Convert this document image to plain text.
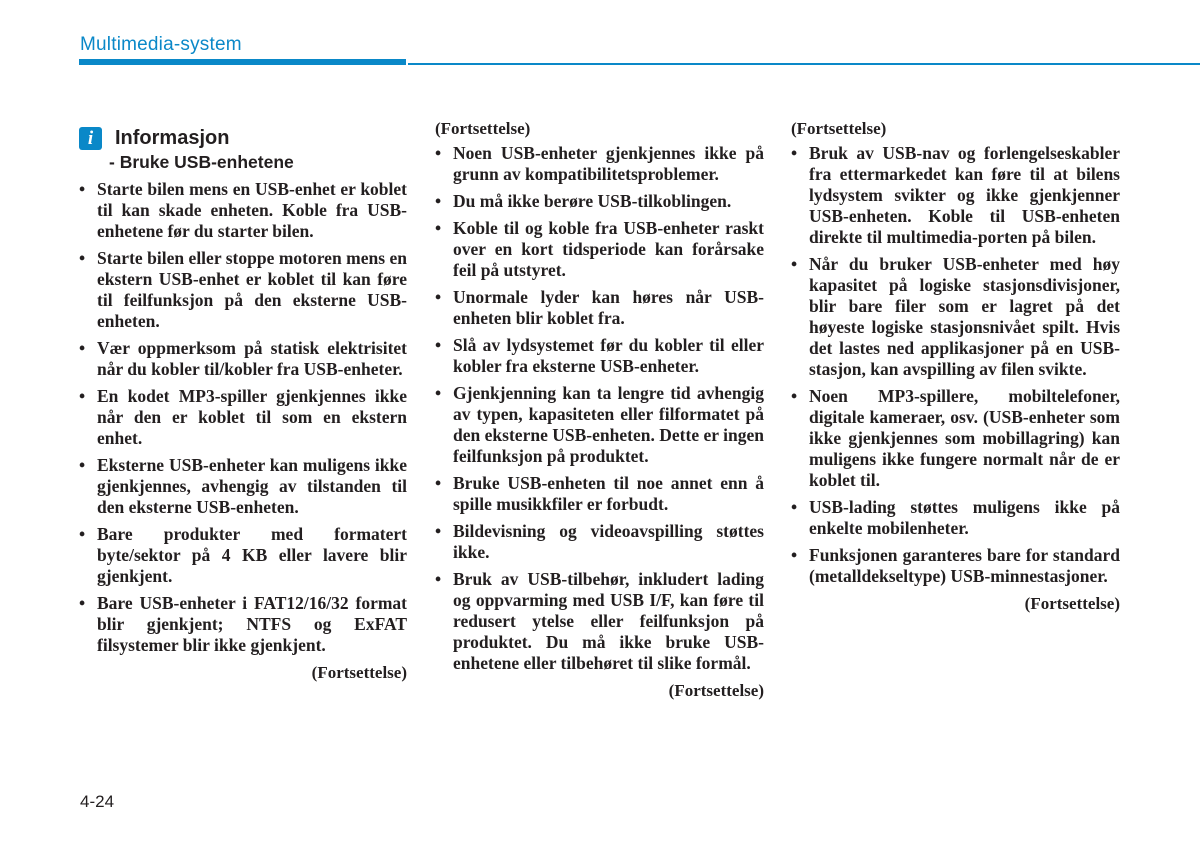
Multimedia-system
i Informasjon
- Bruke USB-enhetene
• Starte bilen mens en USB-enhet er koblet til kan skade enheten. Koble fra USB-enhetene før du starter bilen.
• Starte bilen eller stoppe motoren mens en ekstern USB-enhet er koblet til kan føre til feilfunksjon på den eksterne USB-enheten.
• Vær oppmerksom på statisk elektrisitet når du kobler til/kobler fra USB-enheter.
• En kodet MP3-spiller gjenkjennes ikke når den er koblet til som en ekstern enhet.
• Eksterne USB-enheter kan muligens ikke gjenkjennes, avhengig av tilstanden til den eksterne USB-enheten.
• Bare produkter med formatert byte/sektor på 4 KB eller lavere blir gjenkjent.
• Bare USB-enheter i FAT12/16/32 format blir gjenkjent; NTFS og ExFAT filsystemer blir ikke gjenkjent.
(Fortsettelse)
(Fortsettelse)
• Noen USB-enheter gjenkjennes ikke på grunn av kompatibilitetsproblemer.
• Du må ikke berøre USB-tilkoblingen.
• Koble til og koble fra USB-enheter raskt over en kort tidsperiode kan forårsake feil på utstyret.
• Unormale lyder kan høres når USB-enheten blir koblet fra.
• Slå av lydsystemet før du kobler til eller kobler fra eksterne USB-enheter.
• Gjenkjenning kan ta lengre tid avhengig av typen, kapasiteten eller filformatet på den eksterne USB-enheten. Dette er ingen feilfunksjon på produktet.
• Bruke USB-enheten til noe annet enn å spille musikkfiler er forbudt.
• Bildevisning og videoavspilling støttes ikke.
• Bruk av USB-tilbehør, inkludert lading og oppvarming med USB I/F, kan føre til redusert ytelse eller feilfunksjon på produktet. Du må ikke bruke USB-enhetene eller tilbehøret til slike formål.
(Fortsettelse)
(Fortsettelse)
• Bruk av USB-nav og forlengelseskabler fra ettermarkedet kan føre til at bilens lydsystem svikter og ikke gjenkjenner USB-enheten. Koble til USB-enheten direkte til multimedia-porten på bilen.
• Når du bruker USB-enheter med høy kapasitet på logiske stasjonsdivisjoner, blir bare filer som er lagret på det høyeste logiske stasjonsnivået spilt. Hvis det lastes ned applikasjoner på en USB-stasjon, kan avspilling av filen svikte.
• Noen MP3-spillere, mobiltelefoner, digitale kameraer, osv. (USB-enheter som ikke gjenkjennes som mobillagring) kan muligens ikke fungere normalt når de er koblet til.
• USB-lading støttes muligens ikke på enkelte mobilenheter.
• Funksjonen garanteres bare for standard (metalldekseltype) USB-minnestasjoner.
(Fortsettelse)
4-24
